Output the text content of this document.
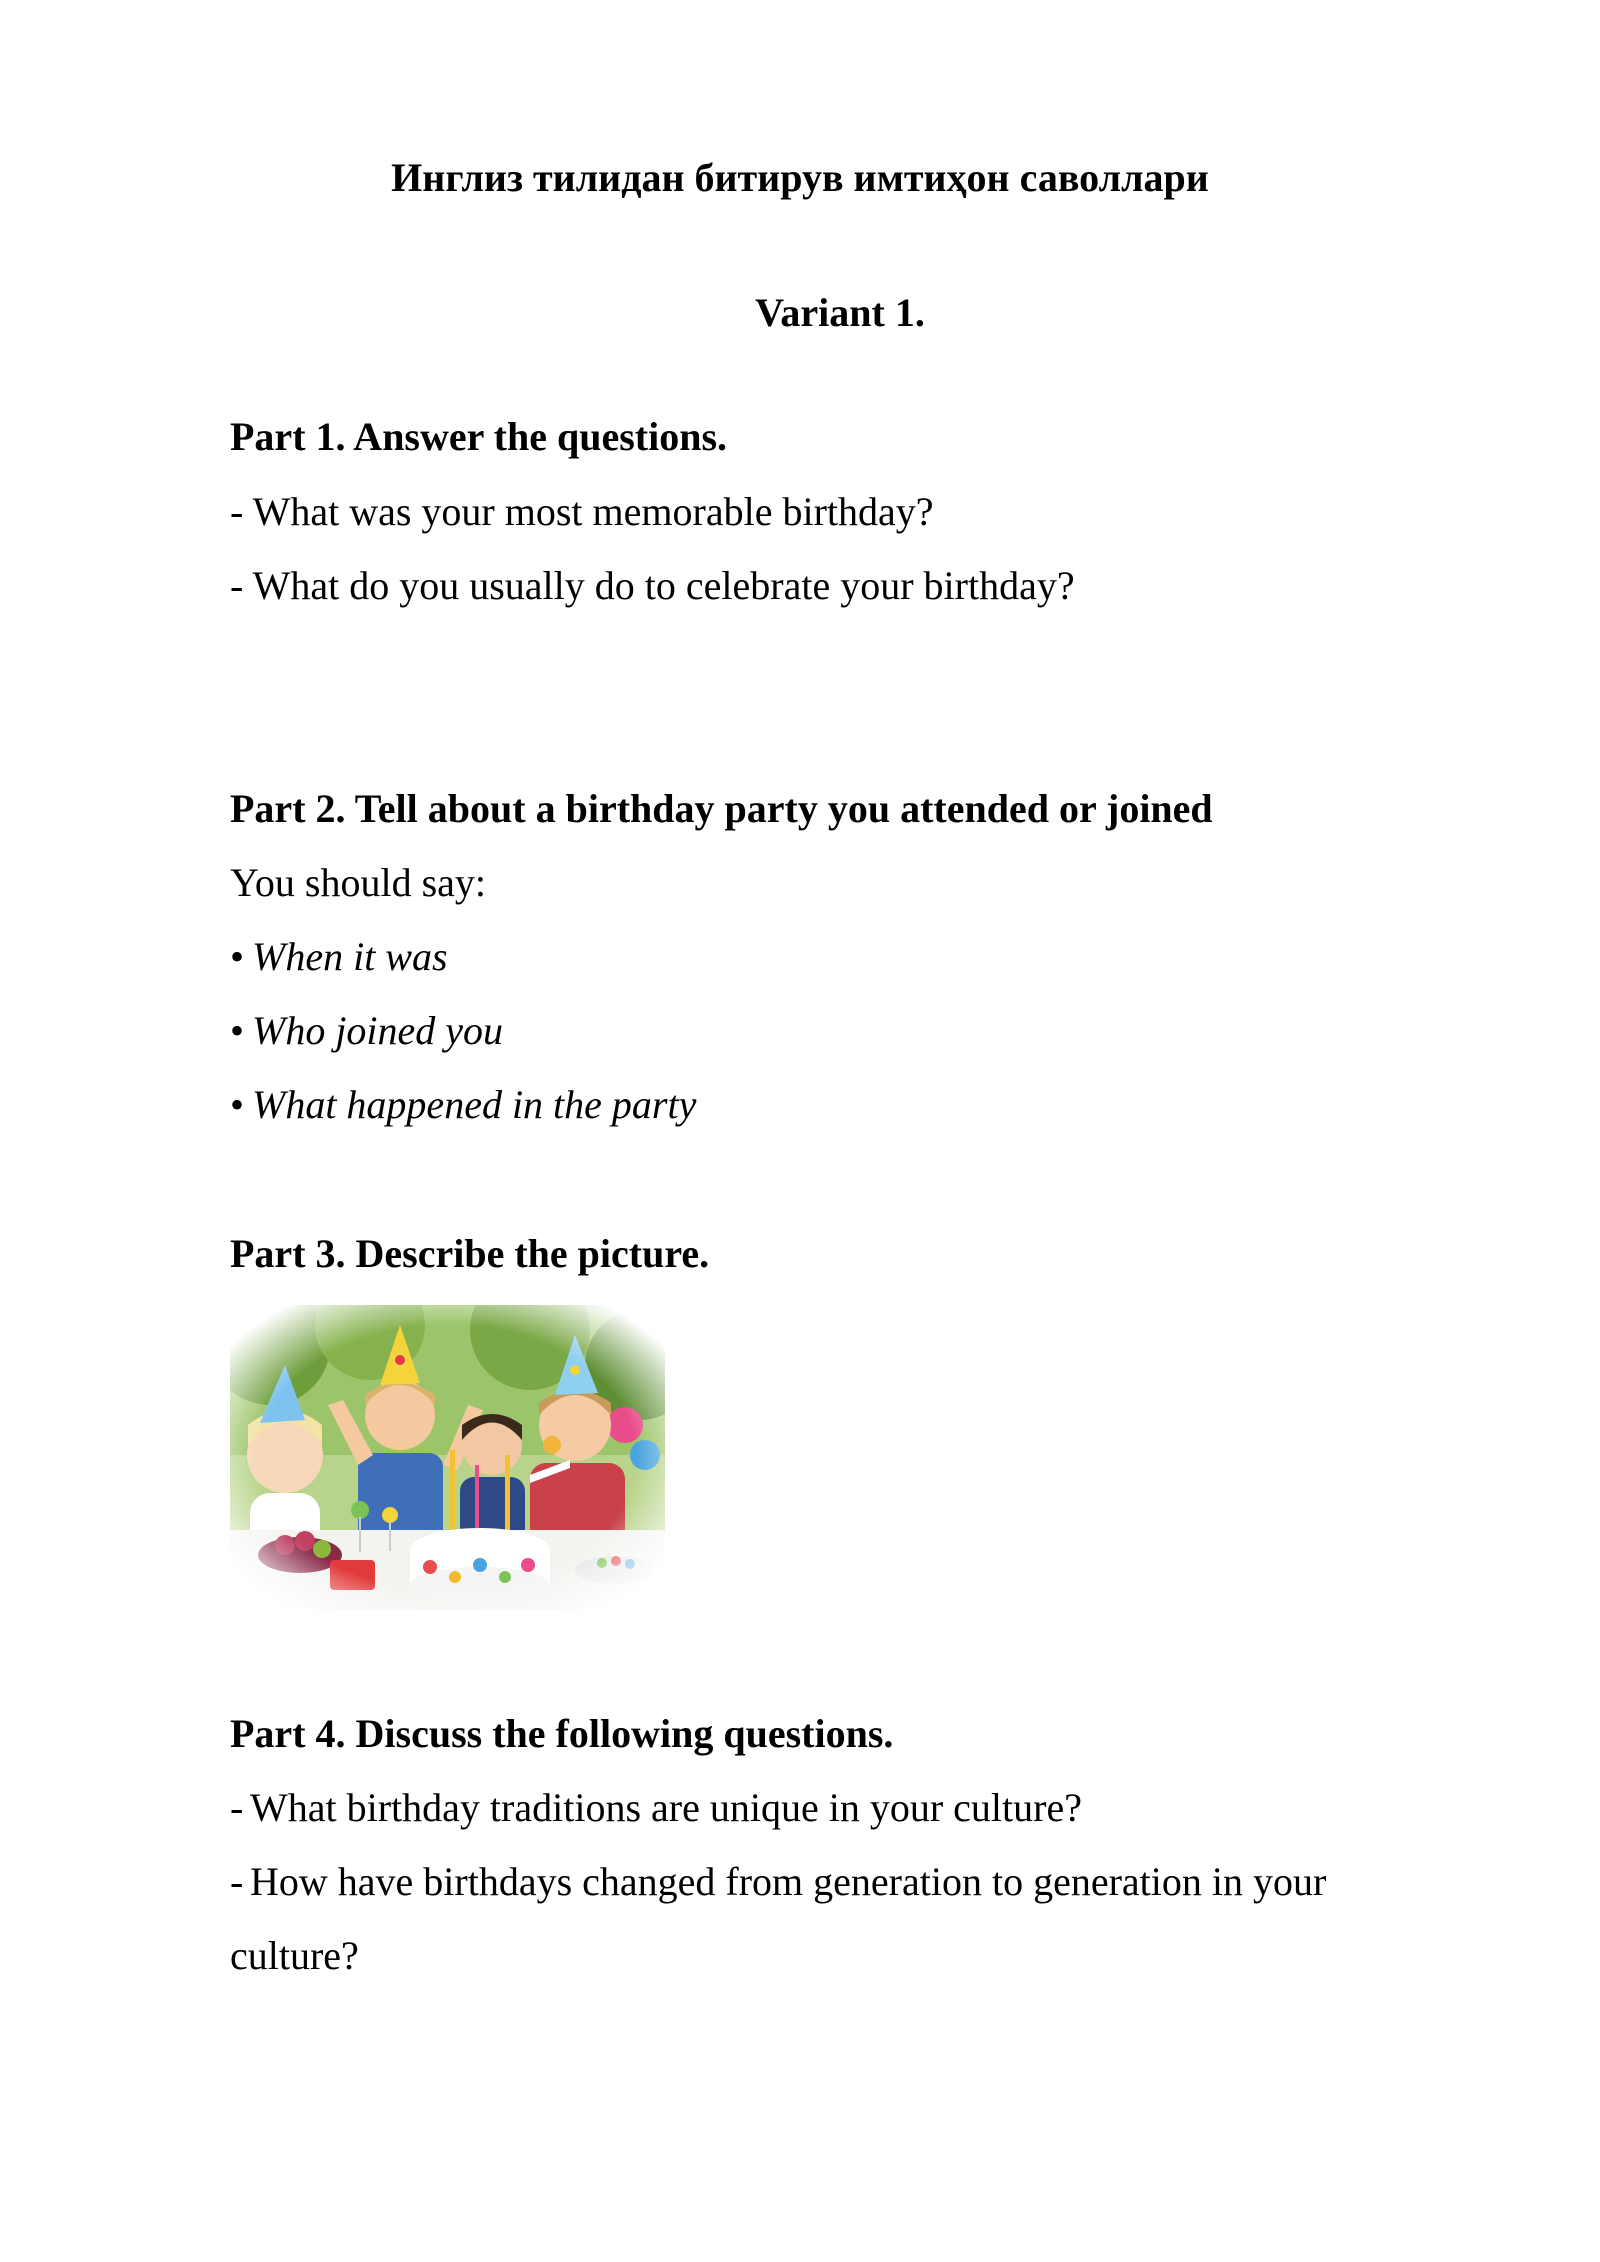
Инглиз тилидан битирув имтиҳон саволлари
Variant 1.
Part 1. Answer the questions.
- What was your most memorable birthday?
- What do you usually do to celebrate your birthday?
Part 2. Tell about a birthday party you attended or joined
You should say:
• When it was
• Who joined you
• What happened in the party
Part 3. Describe the picture.
Part 4. Discuss the following questions.
- What birthday traditions are unique in your culture?
- How have birthdays changed from generation to generation in your
culture?
